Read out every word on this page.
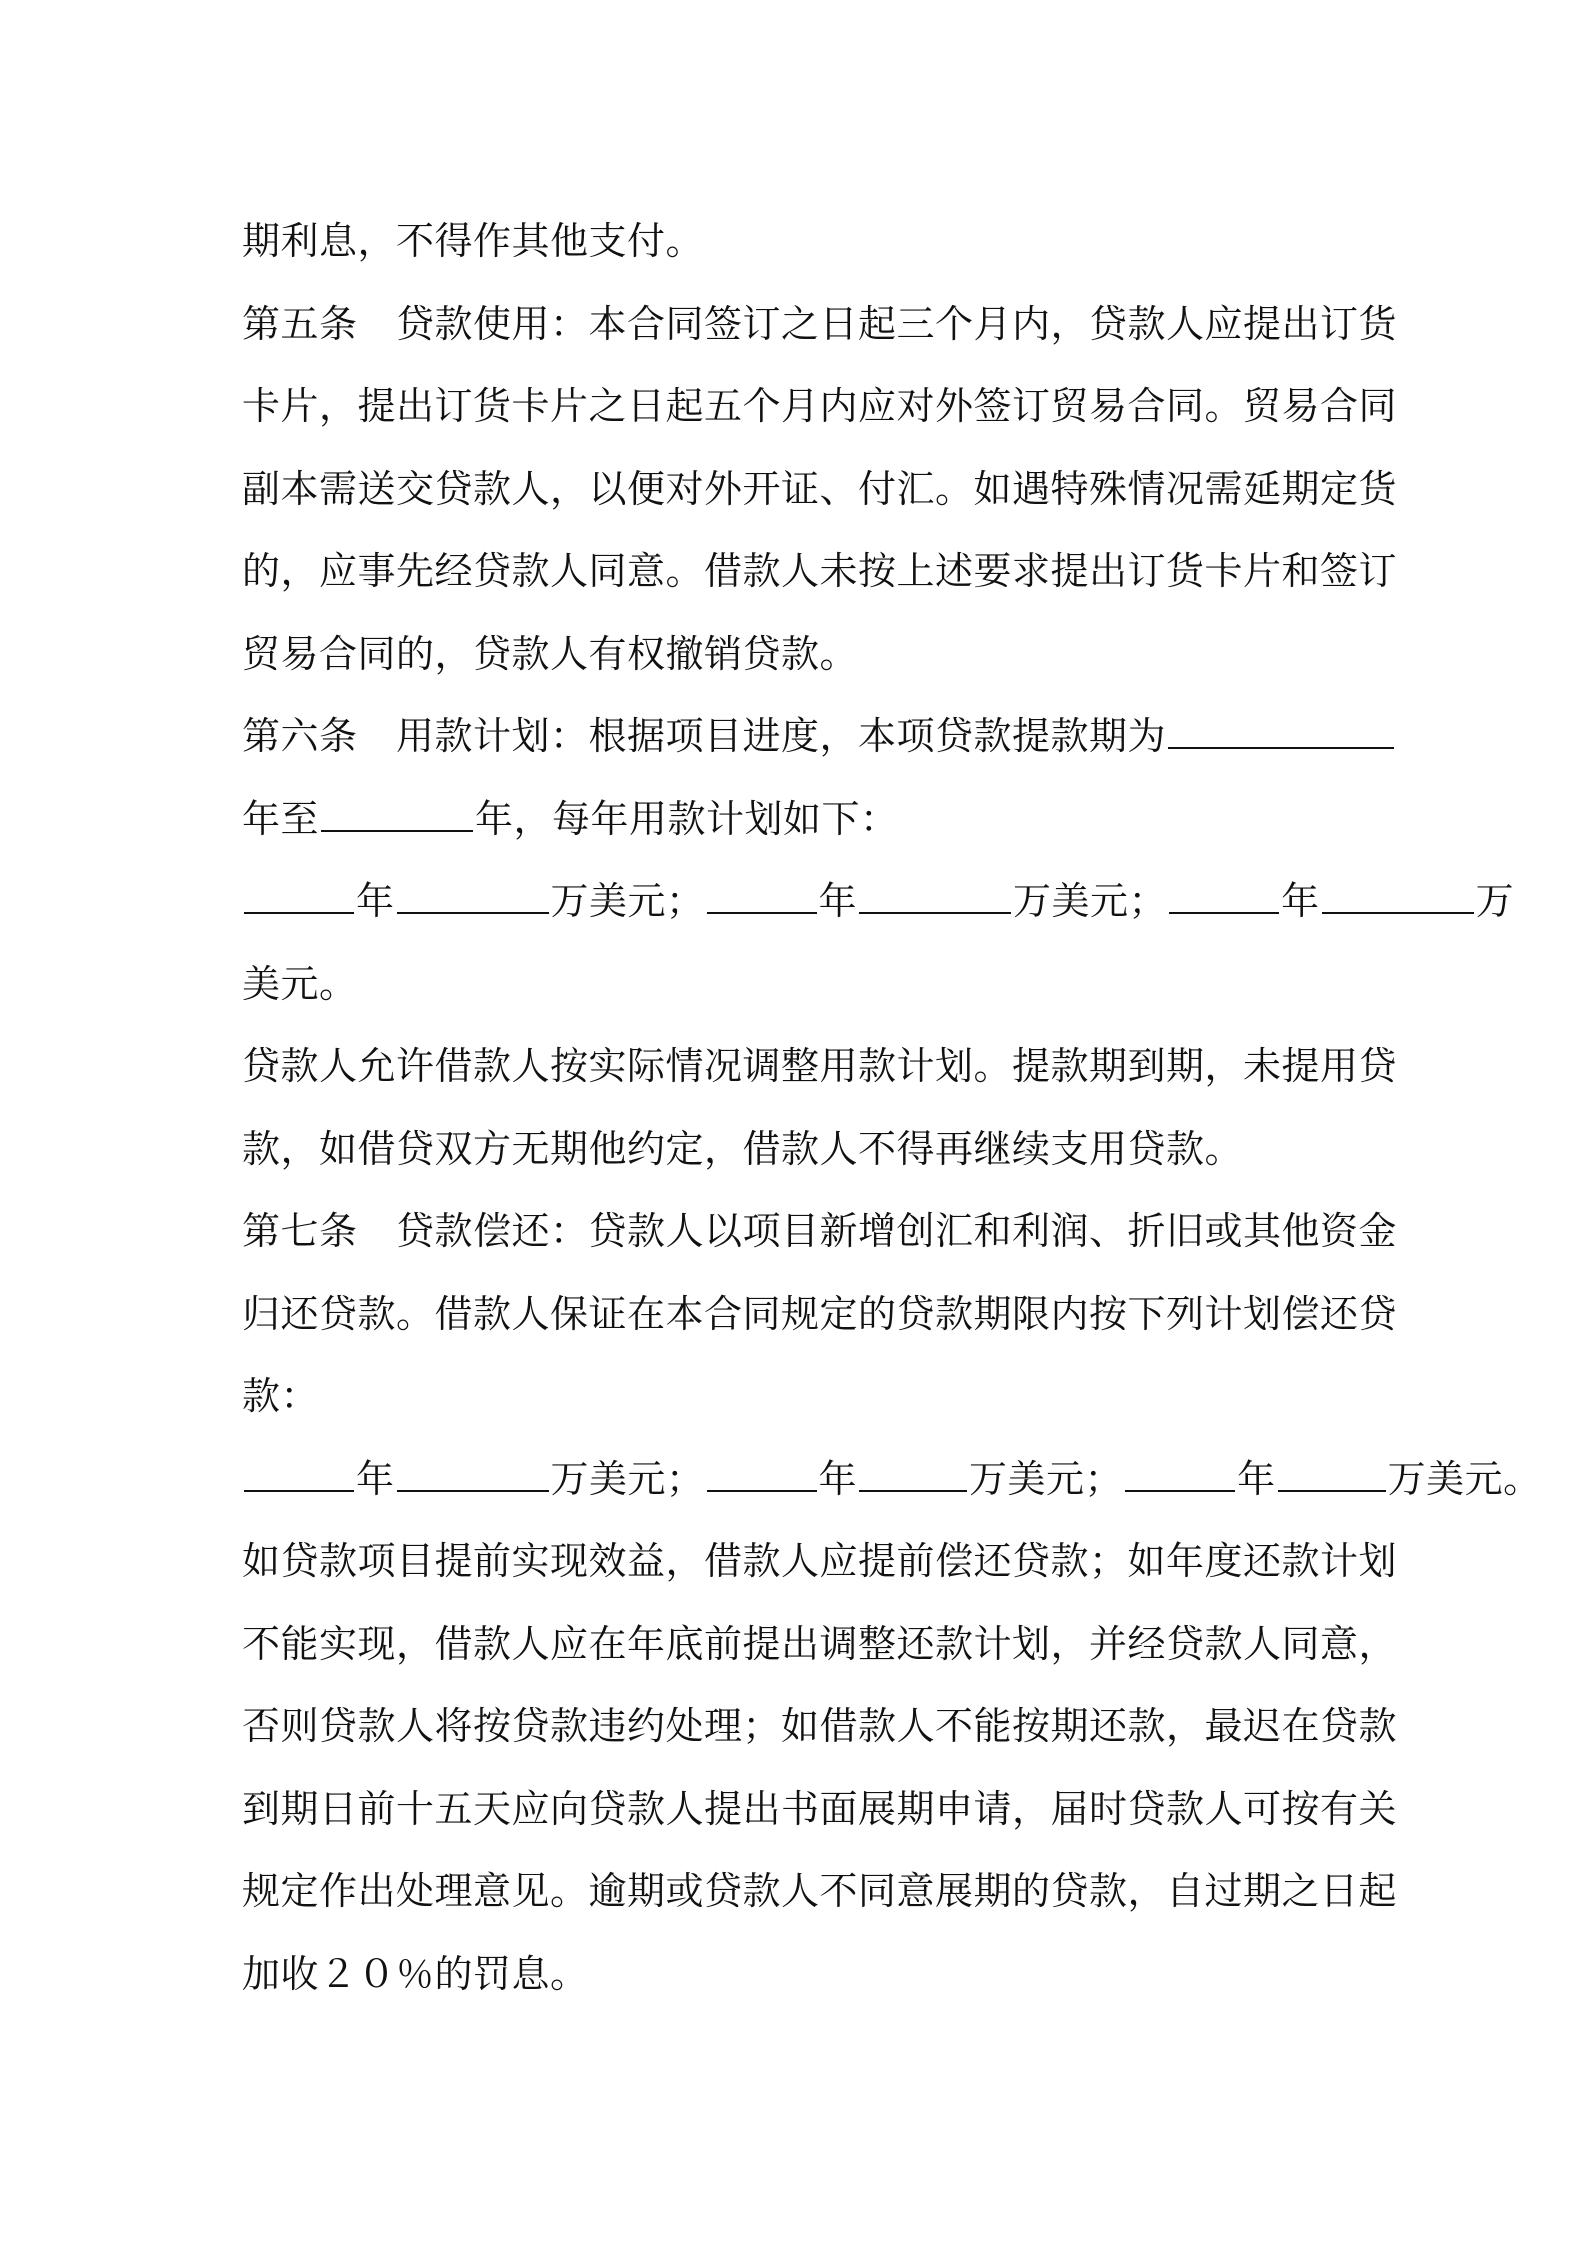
期利息，不得作其他支付。
第五条　贷款使用：本合同签订之日起三个月内，贷款人应提出订货
卡片，提出订货卡片之日起五个月内应对外签订贸易合同。贸易合同
副本需送交贷款人，以便对外开证、付汇。如遇特殊情况需延期定货
的，应事先经贷款人同意。借款人未按上述要求提出订货卡片和签订
贸易合同的，贷款人有权撤销贷款。
第六条　用款计划：根据项目进度，本项贷款提款期为
年至	年，每年用款计划如下：
年	万美元；	年	万美元；	年	万
美元。
贷款人允许借款人按实际情况调整用款计划。提款期到期，未提用贷
款，如借贷双方无期他约定，借款人不得再继续支用贷款。
第七条　贷款偿还：贷款人以项目新增创汇和利润、折旧或其他资金
归还贷款。借款人保证在本合同规定的贷款期限内按下列计划偿还贷
款：
年	万美元；	年	万美元；	年	万美元。
如贷款项目提前实现效益，借款人应提前偿还贷款；如年度还款计划
不能实现，借款人应在年底前提出调整还款计划，并经贷款人同意，
否则贷款人将按贷款违约处理；如借款人不能按期还款，最迟在贷款
到期日前十五天应向贷款人提出书面展期申请，届时贷款人可按有关
规定作出处理意见。逾期或贷款人不同意展期的贷款，自过期之日起
加收２０％的罚息。
